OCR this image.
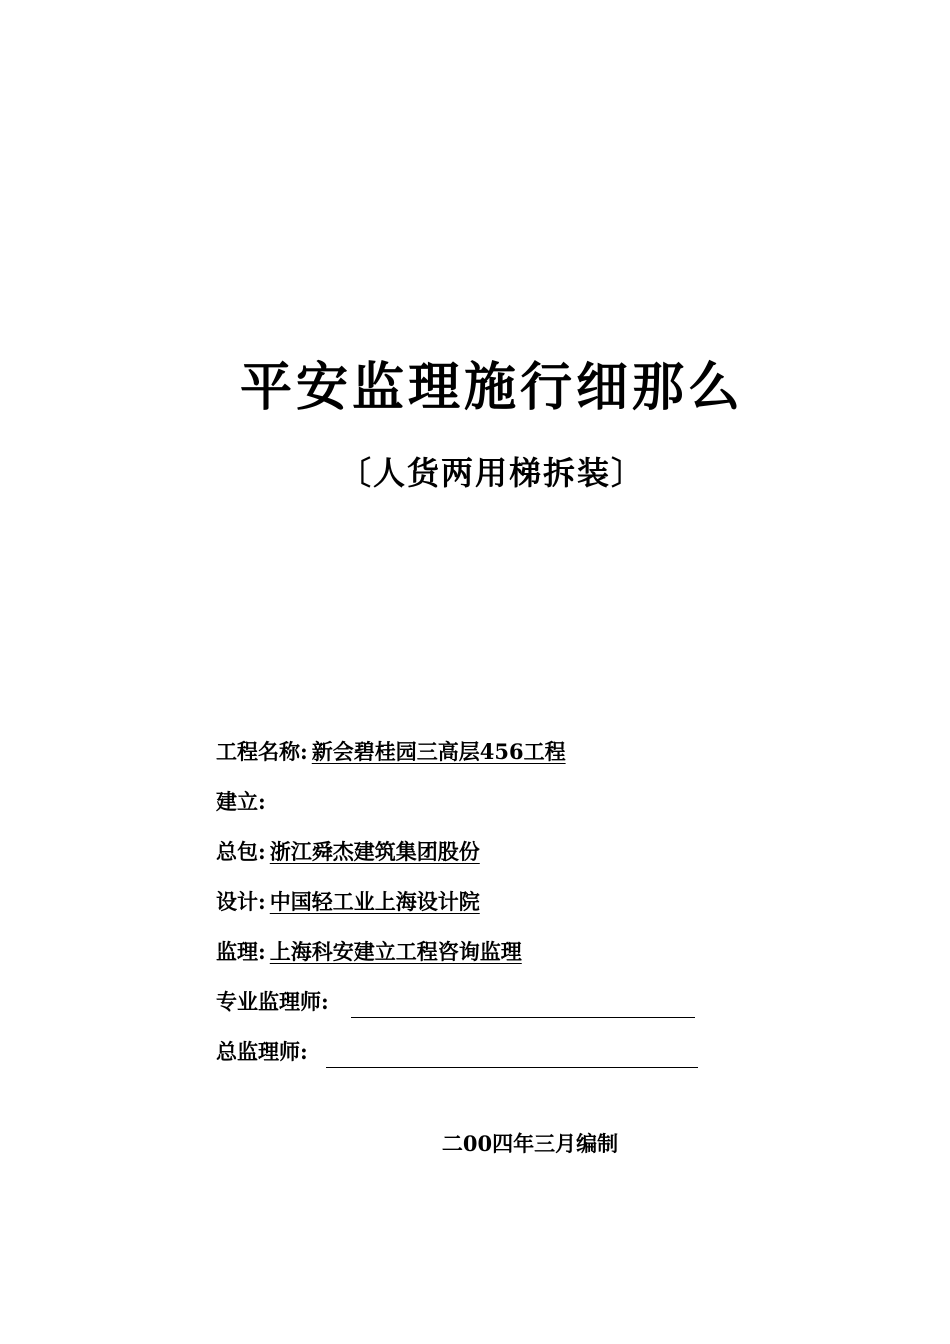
平安监理施行细那么
〔人货两用梯拆装〕
工程名称: 新会碧桂园三高层456工程
建立:
总包: 浙江舜杰建筑集团股份
设计: 中国轻工业上海设计院
监理: 上海科安建立工程咨询监理
专业监理师:
总监理师:
二00四年三月编制
